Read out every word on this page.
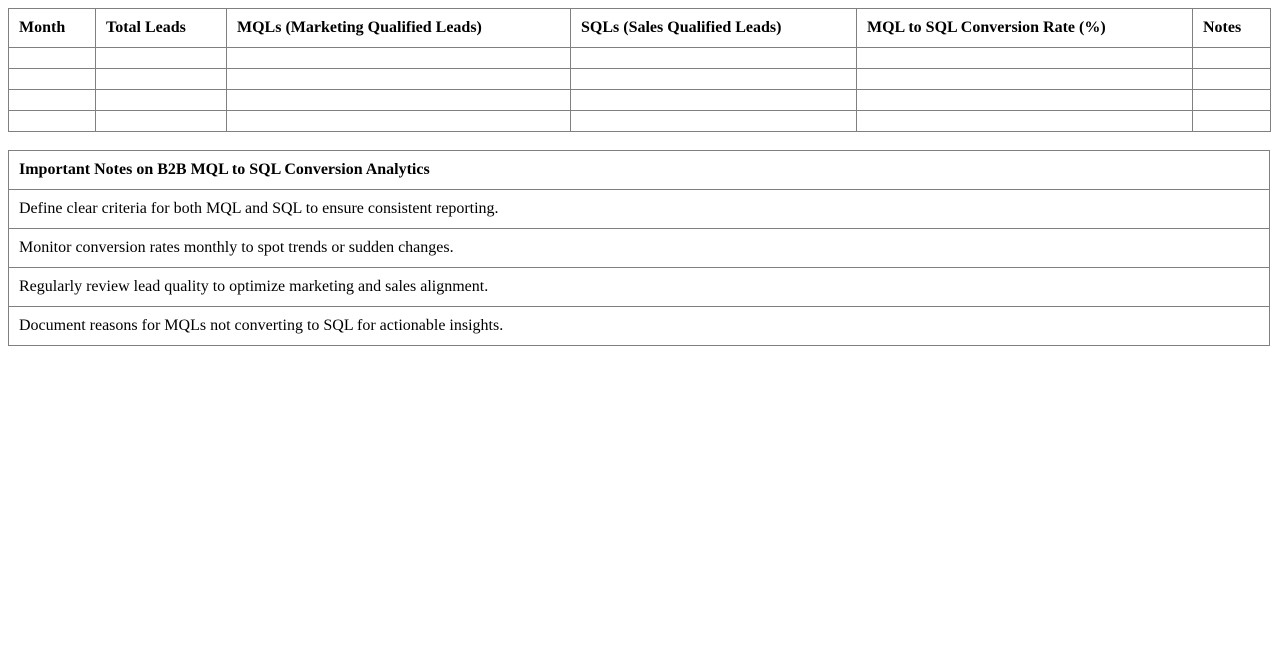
Month	Total Leads	MQLs (Marketing Qualified Leads)	SQLs (Sales Qualified Leads)	MQL to SQL Conversion Rate (%)	Notes

Important Notes on B2B MQL to SQL Conversion Analytics
Define clear criteria for both MQL and SQL to ensure consistent reporting.
Monitor conversion rates monthly to spot trends or sudden changes.
Regularly review lead quality to optimize marketing and sales alignment.
Document reasons for MQLs not converting to SQL for actionable insights.
